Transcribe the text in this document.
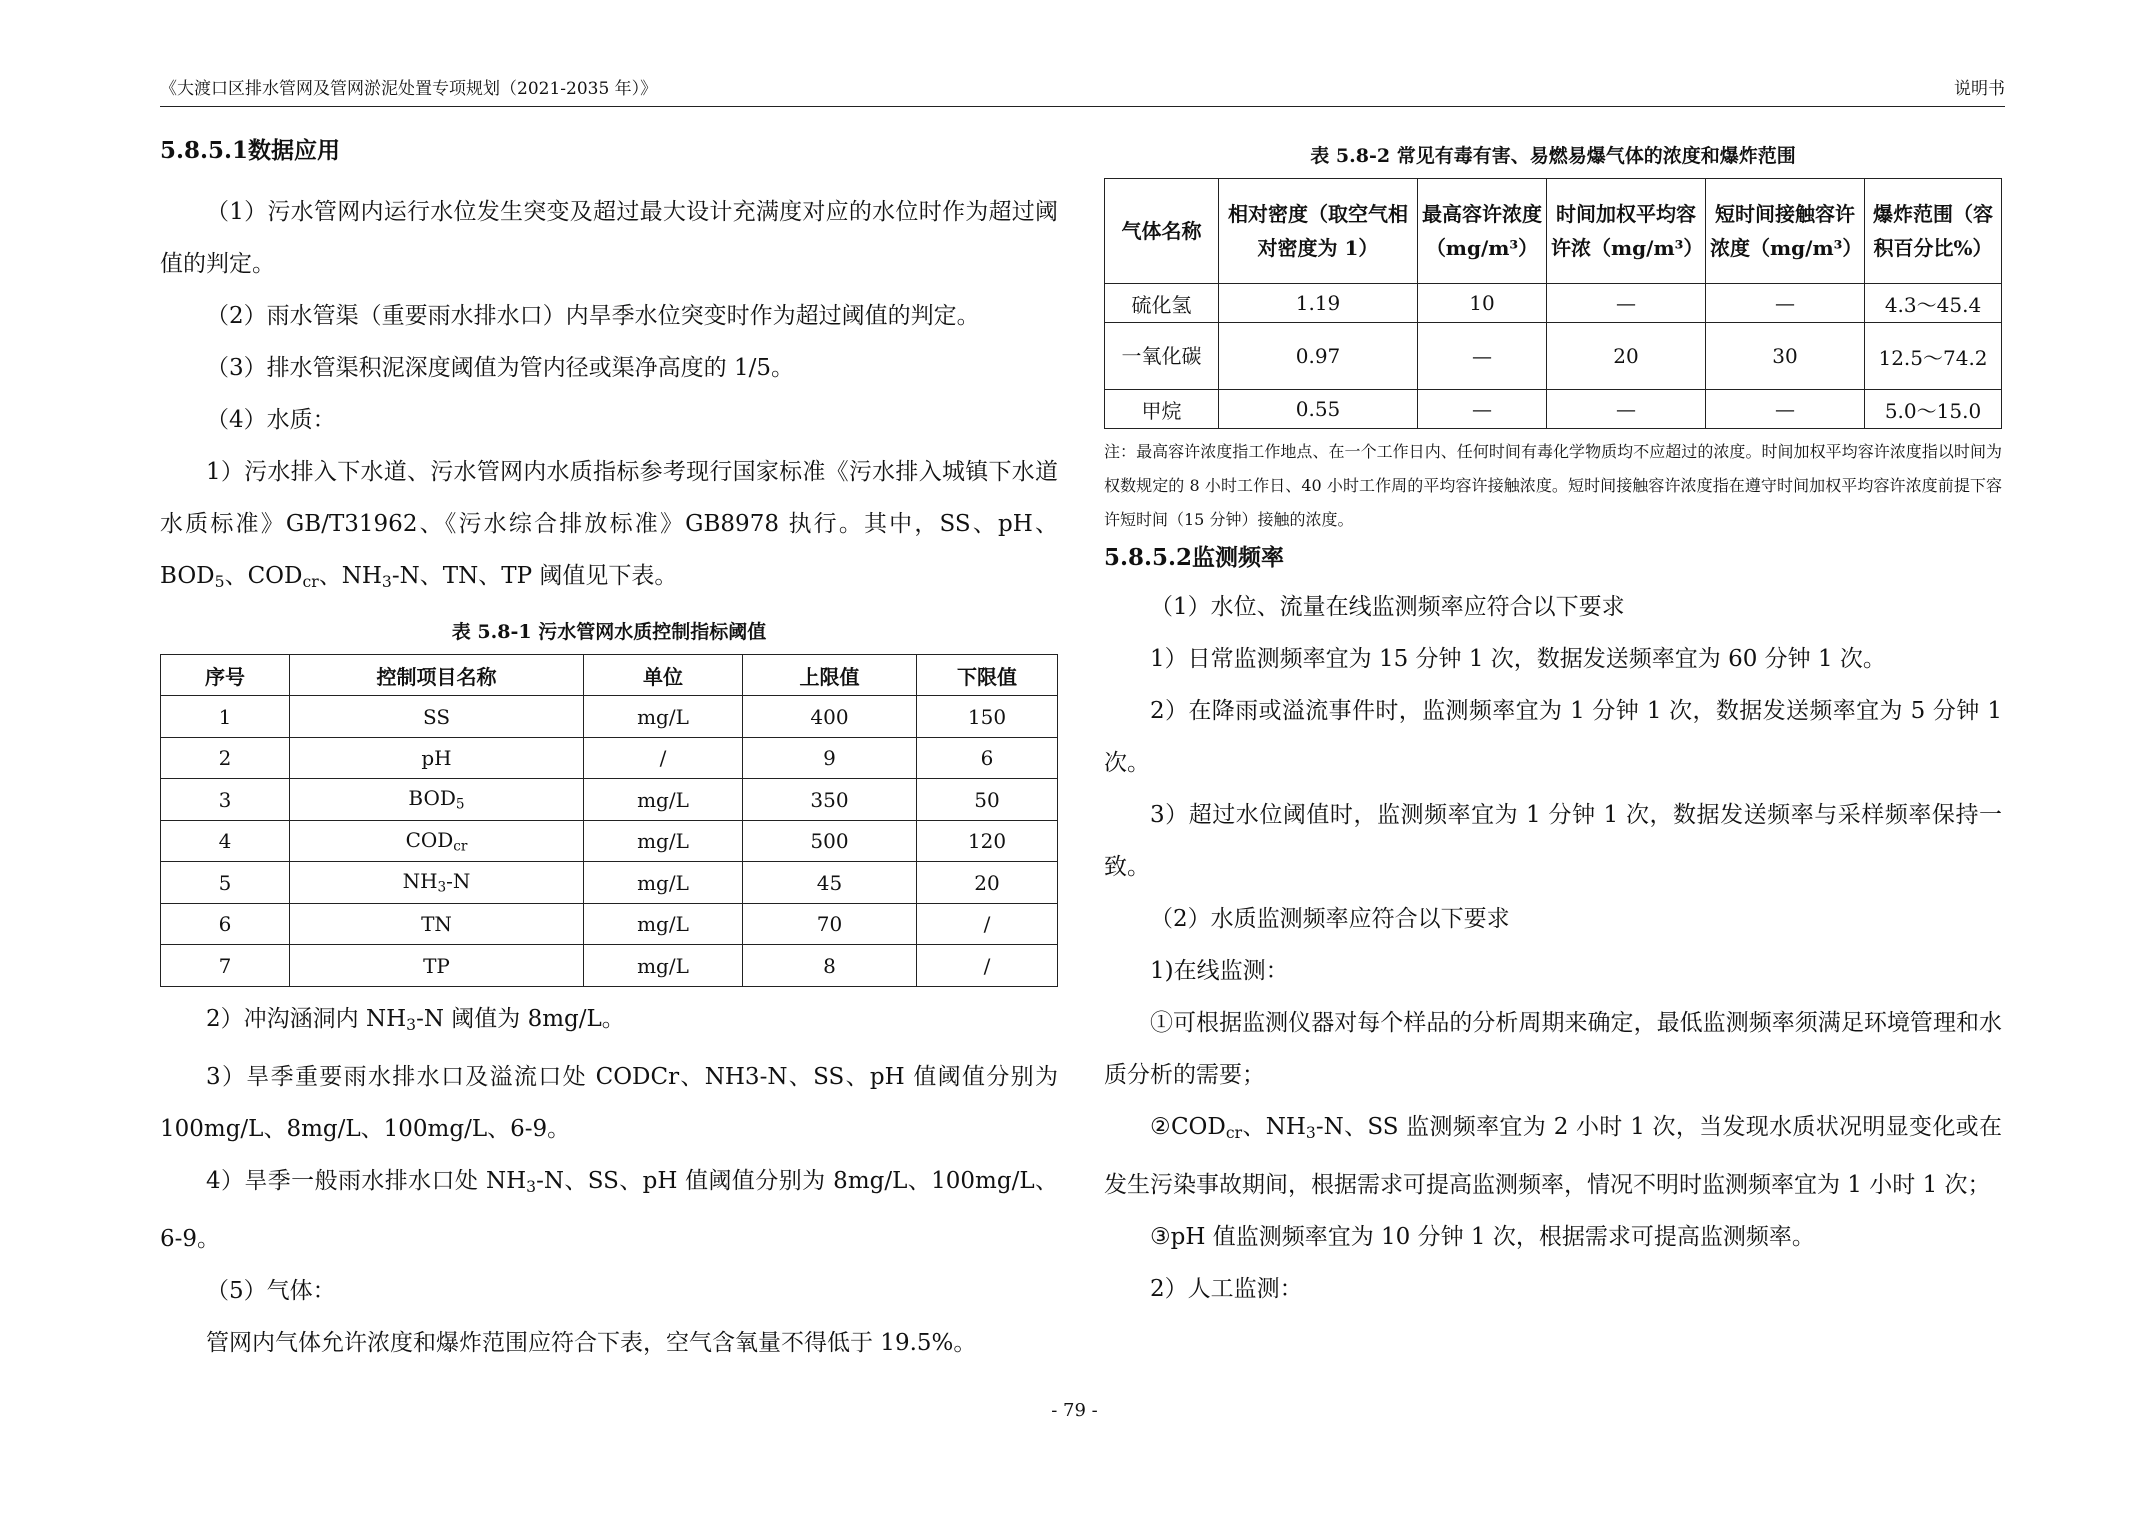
《大渡口区排水管网及管网淤泥处置专项规划（2021-2035 年）》	说明书
5.8.5.1数据应用

（1）污水管网内运行水位发生突变及超过最大设计充满度对应的水位时作为超过阈值的判定。

（2）雨水管渠（重要雨水排水口）内旱季水位突变时作为超过阈值的判定。

（3）排水管渠积泥深度阈值为管内径或渠净高度的 1/5。

（4）水质：

1）污水排入下水道、污水管网内水质指标参考现行国家标准《污水排入城镇下水道水质标准》GB/T31962、《污水综合排放标准》GB8978 执行。其中，SS、pH、$BOD_5$、$COD_{cr}$、$NH_3-N$、TN、TP 阈值见下表。

表 5.8-1 污水管网水质控制指标阈值
序号	控制项目名称	单位	上限值	下限值
1	SS	mg/L	400	150
2	pH	/	9	6
3	$BOD_5$	mg/L	350	50
4	$COD_{cr}$	mg/L	500	120
5	$NH_3-N$	mg/L	45	20
6	TN	mg/L	70	/
7	TP	mg/L	8	/

2）冲沟涵洞内 $NH_3-N$ 阈值为 8mg/L。

3）旱季重要雨水排水口及溢流口处 CODCr、NH3-N、SS、pH 值阈值分别为 100mg/L、8mg/L、100mg/L、6-9。

4）旱季一般雨水排水口处 $NH_3-N$、SS、pH 值阈值分别为 8mg/L、100mg/L、6-9。

（5）气体：

管网内气体允许浓度和爆炸范围应符合下表，空气含氧量不得低于 19.5%。

表 5.8-2 常见有毒有害、易燃易爆气体的浓度和爆炸范围
气体名称	相对密度（取空气相对密度为 1）	最高容许浓度（mg/m³）	时间加权平均容许浓（mg/m³）	短时间接触容许浓度（mg/m³）	爆炸范围（容积百分比%）
硫化氢	1.19	10	—	—	4.3～45.4
一氧化碳	0.97	—	20	30	12.5～74.2
甲烷	0.55	—	—	—	5.0～15.0

注：最高容许浓度指工作地点、在一个工作日内、任何时间有毒化学物质均不应超过的浓度。时间加权平均容许浓度指以时间为权数规定的 8 小时工作日、40 小时工作周的平均容许接触浓度。短时间接触容许浓度指在遵守时间加权平均容许浓度前提下容许短时间（15 分钟）接触的浓度。

5.8.5.2监测频率

（1）水位、流量在线监测频率应符合以下要求

1）日常监测频率宜为 15 分钟 1 次，数据发送频率宜为 60 分钟 1 次。

2）在降雨或溢流事件时，监测频率宜为 1 分钟 1 次，数据发送频率宜为 5 分钟 1 次。

3）超过水位阈值时，监测频率宜为 1 分钟 1 次，数据发送频率与采样频率保持一致。

（2）水质监测频率应符合以下要求

1)在线监测：

①可根据监测仪器对每个样品的分析周期来确定，最低监测频率须满足环境管理和水质分析的需要；

$②COD_{cr}$、$NH_3-N$、SS 监测频率宜为 2 小时 1 次，当发现水质状况明显变化或在发生污染事故期间，根据需求可提高监测频率，情况不明时监测频率宜为 1 小时 1 次；

③pH 值监测频率宜为 10 分钟 1 次，根据需求可提高监测频率。

2）人工监测：

- 79 -
